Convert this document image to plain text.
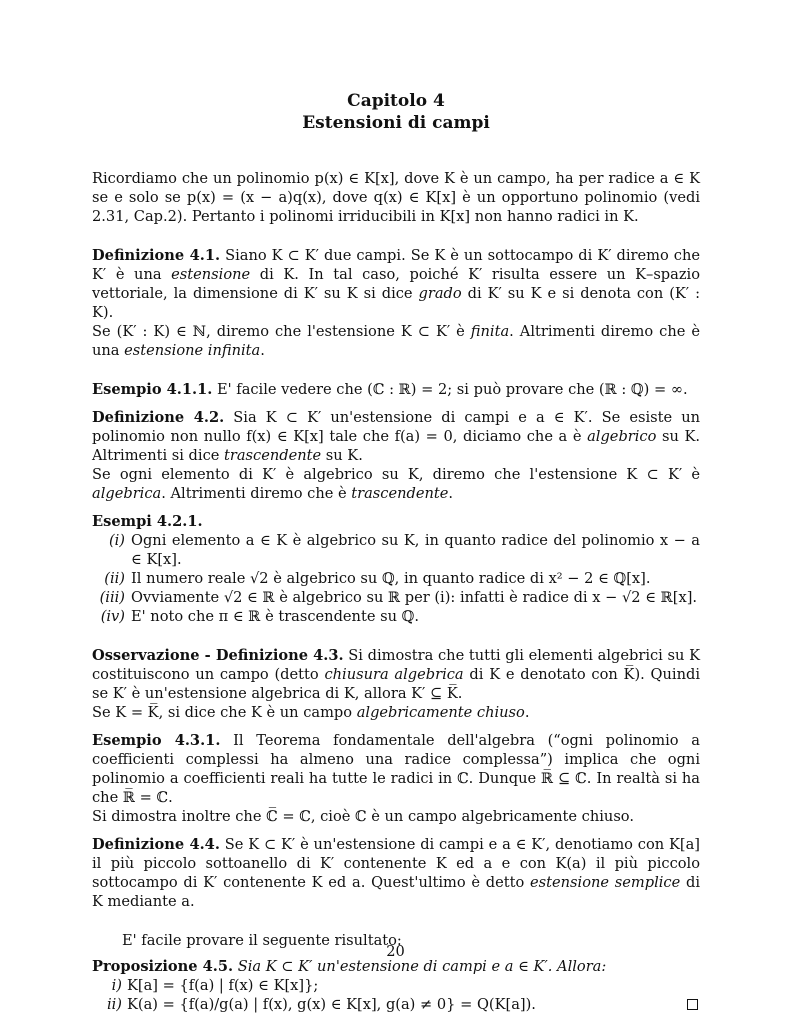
Capitolo 4
Estensioni di campi

Ricordiamo che un polinomio p(x) ∈ K[x], dove K è un campo, ha per radice a ∈ K se e solo se p(x) = (x − a)q(x), dove q(x) ∈ K[x] è un opportuno polinomio (vedi 2.31, Cap.2). Pertanto i polinomi irriducibili in K[x] non hanno radici in K.

Definizione 4.1. Siano K ⊂ K′ due campi. Se K è un sottocampo di K′ diremo che K′ è una estensione di K. In tal caso, poiché K′ risulta essere un K–spazio vettoriale, la dimensione di K′ su K si dice grado di K′ su K e si denota con (K′ : K).
Se (K′ : K) ∈ ℕ, diremo che l'estensione K ⊂ K′ è finita. Altrimenti diremo che è una estensione infinita.
Esempio 4.1.1. E' facile vedere che (ℂ : ℝ) = 2; si può provare che (ℝ : ℚ) = ∞.
Definizione 4.2. Sia K ⊂ K′ un'estensione di campi e a ∈ K′. Se esiste un polinomio non nullo f(x) ∈ K[x] tale che f(a) = 0, diciamo che a è algebrico su K. Altrimenti si dice trascendente su K.
Se ogni elemento di K′ è algebrico su K, diremo che l'estensione K ⊂ K′ è algebrica. Altrimenti diremo che è trascendente.
Esempi 4.2.1.
(i) Ogni elemento a ∈ K è algebrico su K, in quanto radice del polinomio x − a ∈ K[x].
(ii) Il numero reale √2 è algebrico su ℚ, in quanto radice di x² − 2 ∈ ℚ[x].
(iii) Ovviamente √2 ∈ ℝ è algebrico su ℝ per (i): infatti è radice di x − √2 ∈ ℝ[x].
(iv) E' noto che π ∈ ℝ è trascendente su ℚ.
Osservazione - Definizione 4.3. Si dimostra che tutti gli elementi algebrici su K costituiscono un campo (detto chiusura algebrica di K e denotato con K̅). Quindi se K′ è un'estensione algebrica di K, allora K′ ⊆ K̅.
Se K = K̅, si dice che K è un campo algebricamente chiuso.
Esempio 4.3.1. Il Teorema fondamentale dell'algebra (“ogni polinomio a coefficienti complessi ha almeno una radice complessa”) implica che ogni polinomio a coefficienti reali ha tutte le radici in ℂ. Dunque ℝ̅ ⊆ ℂ. In realtà si ha che ℝ̅ = ℂ.
Si dimostra inoltre che ℂ̅ = ℂ, cioè ℂ è un campo algebricamente chiuso.
Definizione 4.4. Se K ⊂ K′ è un'estensione di campi e a ∈ K′, denotiamo con K[a] il più piccolo sottoanello di K′ contenente K ed a e con K(a) il più piccolo sottocampo di K′ contenente K ed a. Quest'ultimo è detto estensione semplice di K mediante a.
E' facile provare il seguente risultato:
Proposizione 4.5. Sia K ⊂ K′ un'estensione di campi e a ∈ K′. Allora:
i) K[a] = {f(a) | f(x) ∈ K[x]};
ii) K(a) = {f(a)/g(a) | f(x), g(x) ∈ K[x], g(a) ≠ 0} = Q(K[a]).
20
